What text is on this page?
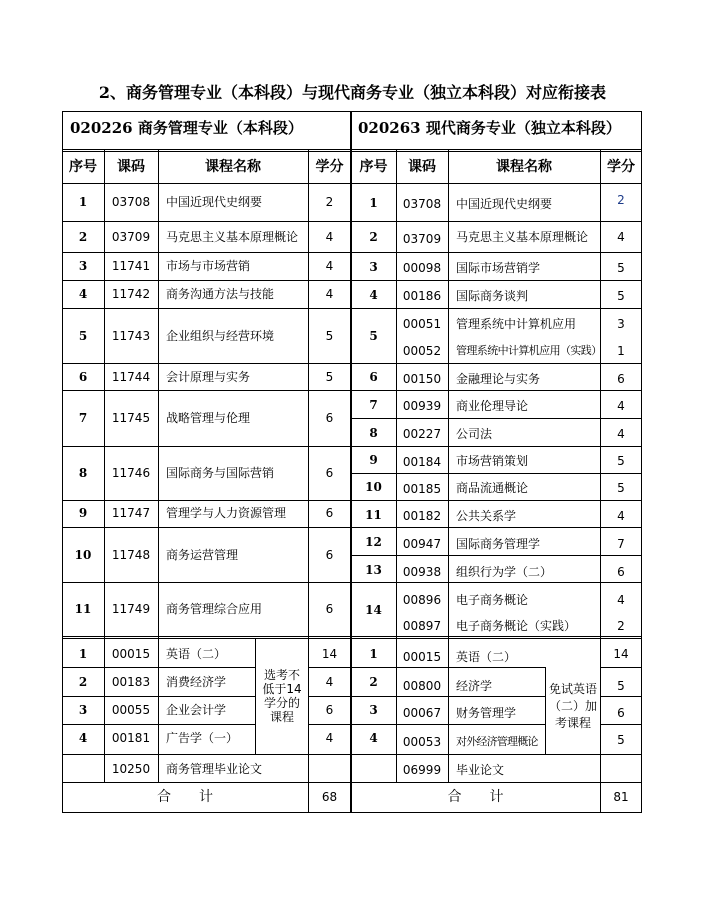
2、商务管理专业（本科段）与现代商务专业（独立本科段）对应衔接表
020226 商务管理专业（本科段）
序号	课码	课程名称	学分
1	03708	中国近现代史纲要	2
2	03709	马克思主义基本原理概论	4
3	11741	市场与市场营销	4
4	11742	商务沟通方法与技能	4
5	11743	企业组织与经营环境	5
6	11744	会计原理与实务	5
7	11745	战略管理与伦理	6
8	11746	国际商务与国际营销	6
9	11747	管理学与人力资源管理	6
10	11748	商务运营管理	6
11	11749	商务管理综合应用	6
1	00015	英语（二）	14
2	00183	消费经济学	4
3	00055	企业会计学	6
4	00181	广告学（一）	4
选考不低于14学分的课程
10250	商务管理毕业论文
合　　计	68
020263 现代商务专业（独立本科段）
序号	课码	课程名称	学分
1	03708	中国近现代史纲要	2
2	03709	马克思主义基本原理概论	4
3	00098	国际市场营销学	5
4	00186	国际商务谈判	5
5
00051	管理系统中计算机应用	3
00052	管理系统中计算机应用（实践）	1
6	00150	金融理论与实务	6
7	00939	商业伦理导论	4
8	00227	公司法	4
9	00184	市场营销策划	5
10	00185	商品流通概论	5
11	00182	公共关系学	4
12	00947	国际商务管理学	7
13	00938	组织行为学（二）	6
14
00896	电子商务概论	4
00897	电子商务概论（实践）	2
1	00015	英语（二）	14
2	00800	经济学	5
3	00067	财务管理学	6
4	00053	对外经济管理概论	5
免试英语（二）加考课程
06999	毕业论文
合　　计	81
